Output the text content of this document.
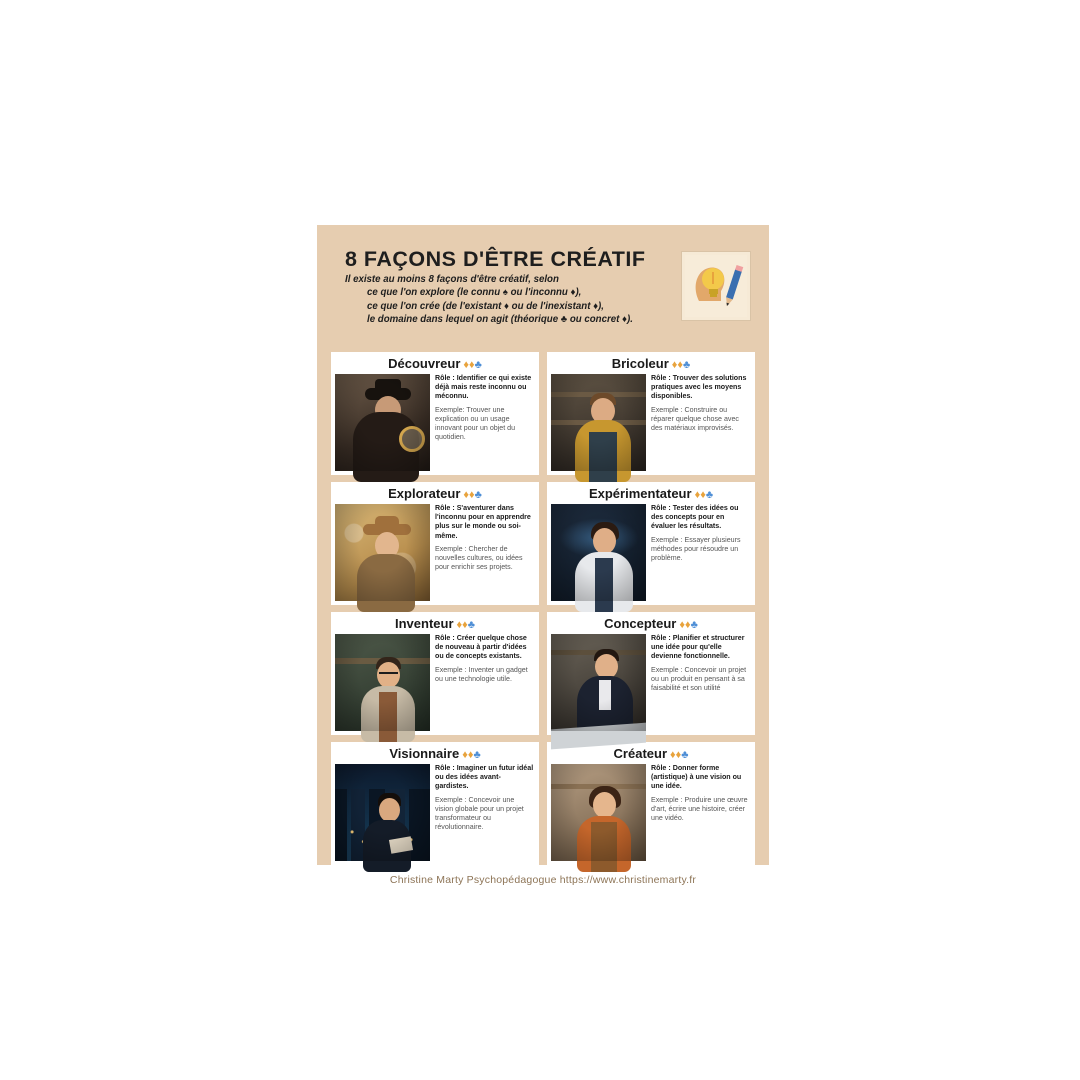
8 FAÇONS D'ÊTRE CRÉATIF
Il existe au moins 8 façons d'être créatif, selon
ce que l'on explore (le connu ♠ ou l'inconnu ♦),
ce que l'on crée (de l'existant ♦ ou de l'inexistant ♦),
le domaine dans lequel on agit (théorique ♣ ou concret ♦).
Découvreur ♦♦♣
Rôle : Identifier ce qui existe déjà mais reste inconnu ou méconnu.
Exemple: Trouver une explication ou un usage innovant pour un objet du quotidien.
Bricoleur ♦♦♣
Rôle : Trouver des solutions pratiques avec les moyens disponibles.
Exemple : Construire ou réparer quelque chose avec des matériaux improvisés.
Explorateur ♦♦♣
Rôle : S'aventurer dans l'inconnu pour en apprendre plus sur le monde ou soi-même.
Exemple : Chercher de nouvelles cultures, ou idées pour enrichir ses projets.
Expérimentateur ♦♦♣
Rôle : Tester des idées ou des concepts pour en évaluer les résultats.
Exemple : Essayer plusieurs méthodes pour résoudre un problème.
Inventeur ♦♦♣
Rôle : Créer quelque chose de nouveau à partir d'idées ou de concepts existants.
Exemple : Inventer un gadget ou une technologie utile.
Concepteur ♦♦♣
Rôle : Planifier et structurer une idée pour qu'elle devienne fonctionnelle.
Exemple : Concevoir un projet ou un produit en pensant à sa faisabilité et son utilité
Visionnaire ♦♦♣
Rôle : Imaginer un futur idéal ou des idées avant-gardistes.
Exemple : Concevoir une vision globale pour un projet transformateur ou révolutionnaire.
Créateur ♦♦♣
Rôle : Donner forme (artistique) à une vision ou une idée.
Exemple : Produire une œuvre d'art, écrire une histoire, créer une vidéo.
Christine Marty Psychopédagogue https://www.christinemarty.fr
